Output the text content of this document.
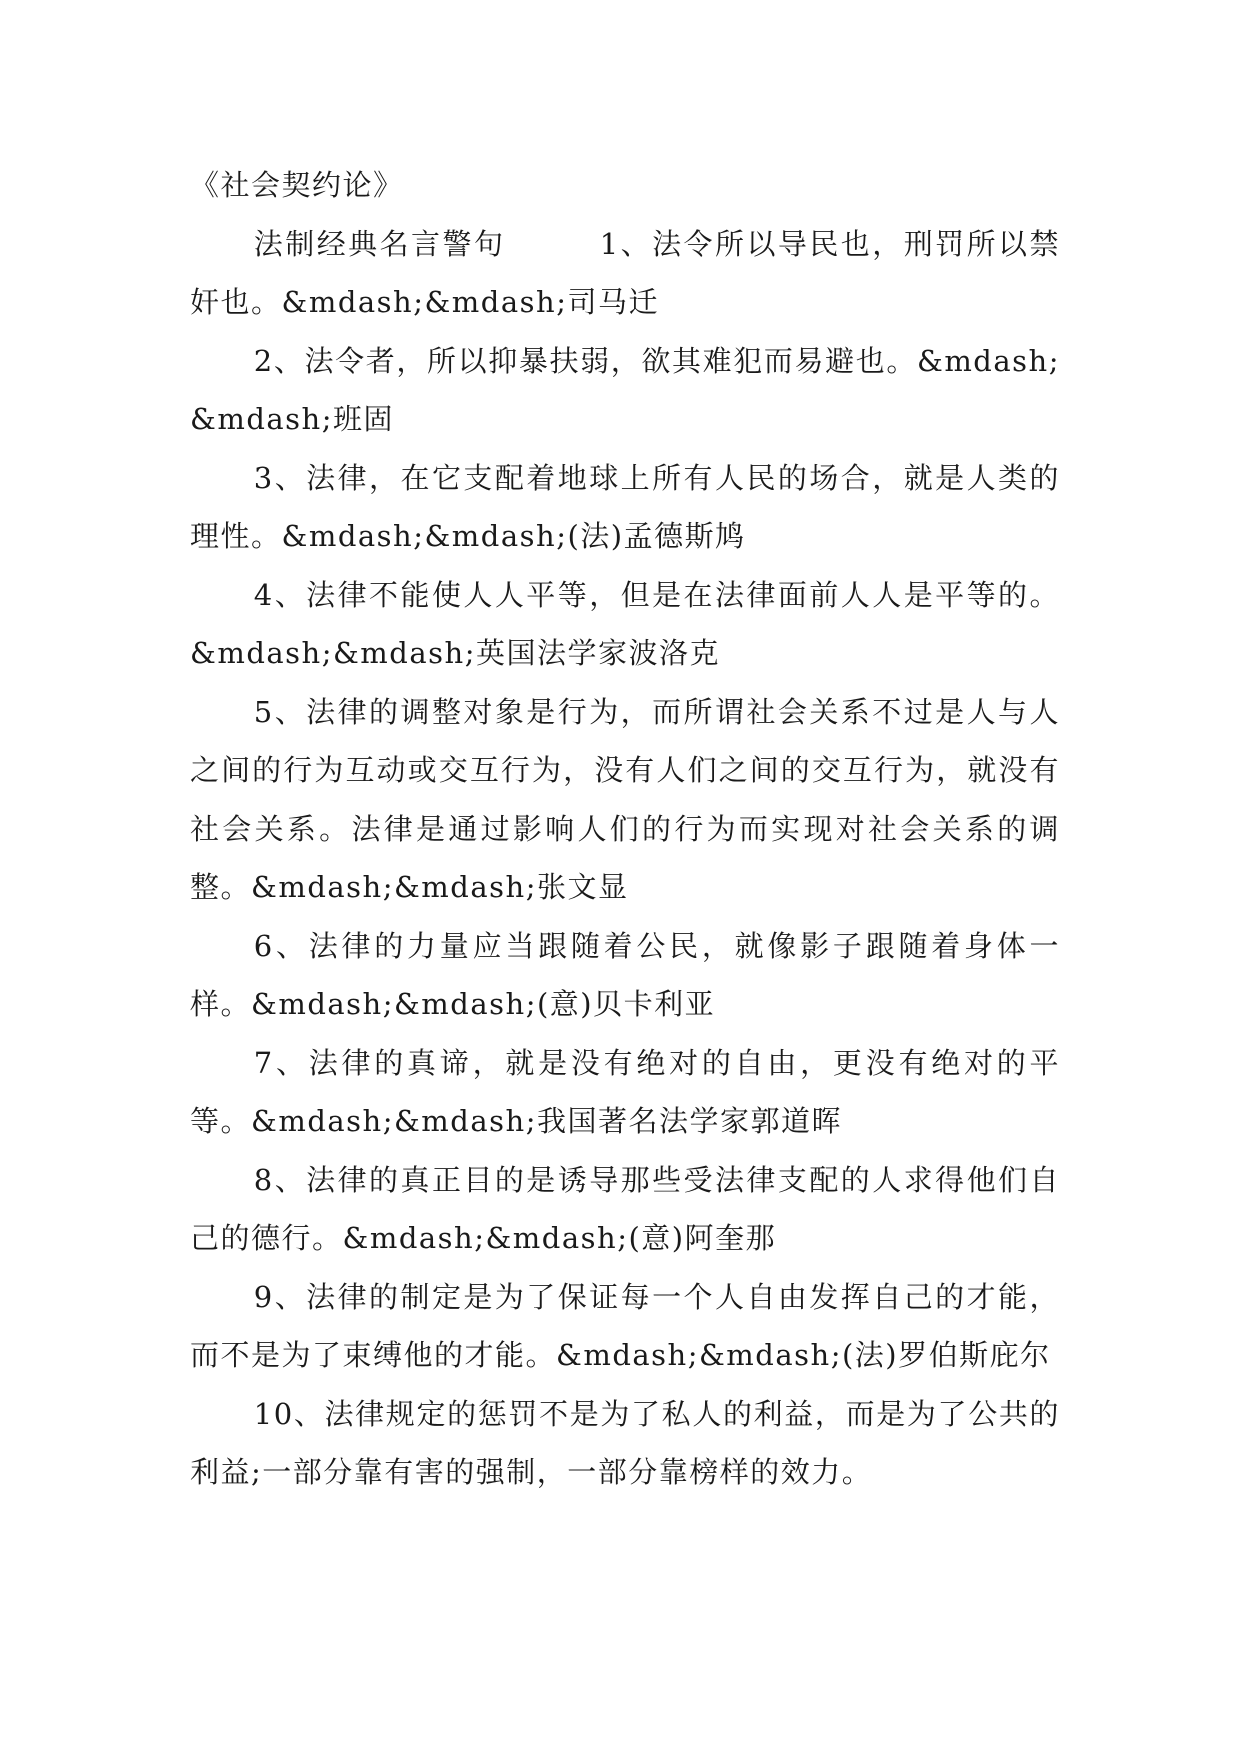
《社会契约论》

法制经典名言警句　　　1、法令所以导民也，刑罚所以禁奸也。&mdash;&mdash;司马迁

2、法令者，所以抑暴扶弱，欲其难犯而易避也。&mdash;&mdash;班固

3、法律，在它支配着地球上所有人民的场合，就是人类的理性。&mdash;&mdash;(法)孟德斯鸠

4、法律不能使人人平等，但是在法律面前人人是平等的。&mdash;&mdash;英国法学家波洛克

5、法律的调整对象是行为，而所谓社会关系不过是人与人之间的行为互动或交互行为，没有人们之间的交互行为，就没有社会关系。法律是通过影响人们的行为而实现对社会关系的调整。&mdash;&mdash;张文显

6、法律的力量应当跟随着公民，就像影子跟随着身体一样。&mdash;&mdash;(意)贝卡利亚

7、法律的真谛，就是没有绝对的自由，更没有绝对的平等。&mdash;&mdash;我国著名法学家郭道晖

8、法律的真正目的是诱导那些受法律支配的人求得他们自己的德行。&mdash;&mdash;(意)阿奎那

9、法律的制定是为了保证每一个人自由发挥自己的才能，而不是为了束缚他的才能。&mdash;&mdash;(法)罗伯斯庇尔

10、法律规定的惩罚不是为了私人的利益，而是为了公共的利益;一部分靠有害的强制，一部分靠榜样的效力。
